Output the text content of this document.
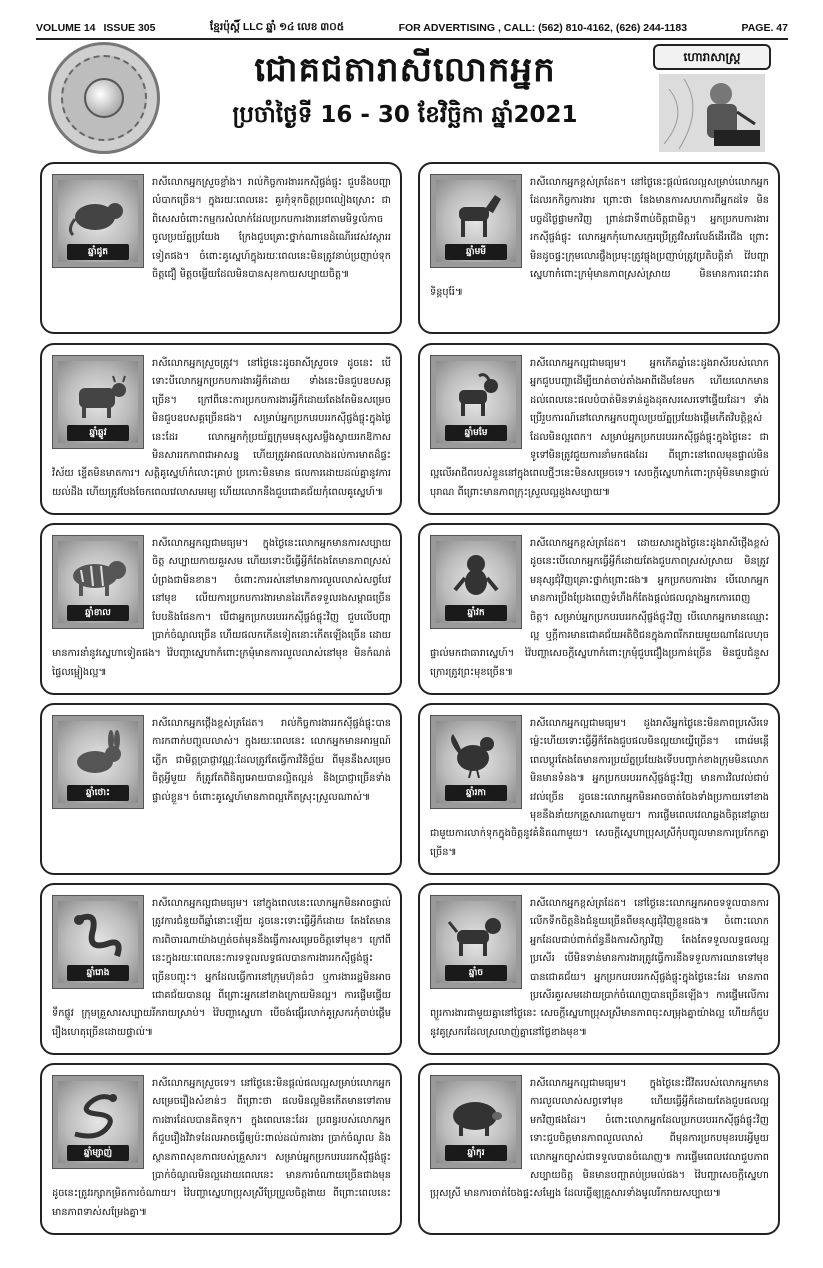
VOLUME 14 ISSUE 305	ខ្មែរប៉ុស្ដិ៍ LLC ឆ្នាំ ១៤ លេខ ៣០៥	FOR ADVERTISING , CALL: (562) 810-4162, (626) 244-1183	PAGE. 47
ជោគជតារាសីលោកអ្នក
ប្រចាំថ្ងៃទី 16 - 30 ខែវិច្ឆិកា ឆ្នាំ2021
ហោរាសាស្ត្រ
ឆ្នាំជូត
រាសីលោកអ្នកស្រួចខ្លាំង។ រាល់កិច្ចការងាររកស៊ីផ្ចង់ផ្ចុះ ជួបនឹងបញ្ហាលំបាកច្រើន។ ក្នុងរយៈពេលនេះ គួរកុំទុកចិត្តប្រពលៀងស្រោះ ជាពិសេសចំពោះកម្មករសំលាក់ដែលប្រកបការងារនៅតាមមិទ្ធលំកាចចូលប្រយ័ត្នប្រយែង ក្រែងជួបគ្រោះថ្នាក់ណានេដំណើរវេស់វស្ដាររទៀតផង។ ចំពោះគូស្នេហ៍ក្នុងរយៈពេលនេះមិនត្រូវនាប់ប្រញាប់ទុកចិត្តជឿ មិត្តចម្លើយដែលមិនបានសុខកាយសប្បាយចិត្ត៕
ឆ្នាំឆ្លូវ
រាសីលោកអ្នកស្រួចត្រូវ។ នៅថ្ងៃនេះដូចរាសីស្រួចទេ ដូចនេះ បើទោះបីលោកអ្នកប្រកបការងារអ្វីក៏ដោយ ទាំងនេះមិនជួបឧបសគ្គច្រើន។ ក្រៅពីនេះការប្រកបការងារអ្វីក៏ដោយតែងតែមិនសម្រេច មិនជួបឧបសគ្គច្រើនផង។ សម្រាប់អ្នកប្រកបរបររកស៊ីផ្ចង់ផ្ចុះក្នុងថ្ងៃនេះដែរ លោកអ្នកកុំប្រយ័ត្នក្រុមមនុស្សសម្លឹងស្វាយរកឱកាសមិនសាររកភាពជាអាសន្ន ហើយត្រូវអាផលលាងដល់ការមាតដ៏ផ្ទះវិស័យ ខ្ទើតមិនមាតការ។ សត្តិគូស្នេហ៍កំលោះគ្រាប់ ប្រកោះមិនមាន ផលការដោយដល់គ្នានូវការយល់ដឹង ហើយត្រូវបែងចែកពេលវេលាសមរម្យ ហើយលោកនឹងជួបជោគជ័យកុំពេលគូស្នេហ៍៕
ឆ្នាំខាល
រាសីលោកអ្នកល្អជាមធ្យម។ ក្នុងថ្ងៃនេះលោកអ្នកមានការសប្បាយចិត្ត សប្បាយកាយគួរសម ហើយទោះបីធ្វើអ្វីក៏តែងតែមានភាពស្រស់បំព្រងជាមិនខាន។ ចំពោះការរស់នៅមានការលួលលាស់សព្វបែវនៅមុខ លើយការប្រកបការងារមានដៃកើតទទួលរងសម្ពាធច្រើនបែបនិងផែនកា។ បើជាអ្នកប្រកបរបររកស៊ីផ្ចង់ផ្ចុះវិញ ជួបលើបញ្ហាប្រាក់ចំណូលច្រើន ហើយផលកកើនទៀតនោះកើតឡើងច្រើន ដោយមានការនាំនូវស្នេហាទៀតផង។ វ៉ៃបញ្ហាស្នេហាកំពោះក្រមុំមានការលួលលាស់នៅមុខ មិនកំណត់ផ្ទៃលម្អៀងល្អ៕
ឆ្នាំថោះ
រាសីលោកអ្នកថ្កើងខ្ពស់ត្រដែត។ រាល់កិច្ចការងាររកស៊ីផ្ចង់ផ្ចុះបានការកពាក់បញ្ចុលលាស់។ ក្នុងរយៈពេលនេះ លោកអ្នកមានអារម្មណ៍ភ្លើក ជាមិត្តប្រាជ្ញាវណ្ណៈដែលត្រូវតែធ្វើការវិនិច្ឆ័យ ពីមុននឹងសម្រេចចិត្តអ្វីមួយ ក៏ត្រូវតែពិនិត្យអោយបានល្អិតល្អន់ និងប្រាជ្ញាច្រើនទាំងផ្ទាល់ខ្លួន។ ចំពោះគូស្នេហ៍មានភាពល្អកើតស្រុះស្រួលណាស់៕
ឆ្នាំរោង
រាសីលោកអ្នកល្អជាមធ្យម។ នៅក្នុងពេលនេះលោកអ្នកមិនអាចផ្ទាល់ត្រូវការជំនួយពីឆ្នាំនោះឡើយ ដូចនេះទោះធ្វើអ្វីក៏ដោយ តែងតែមានការពិចារណាយ៉ាងហ្មត់ចត់មុននឹងធ្វើការសម្រេចចិត្តទៅមុខ។ ក្រៅពីនេះក្នុងរយៈពេលនេះការទទួលលទ្ធផលបានការងាររកស៊ីផ្ចង់ផ្ចុះច្រើនបញ្ចុះ។ អ្នកដែលធ្វើការនៅក្រុមហ៊ុនធំៗ ឬការងាររដ្ឋមិនអាចជោគជ័យបានល្អ ពីព្រោះអ្នកនៅខាងក្រោយមិនល្អ។ ការផ្ទើមផ្ទើយទឹកផ្លូវ ក្រុមគ្រួសារសប្បាយរីករាយស្រាប់។ វ៉ៃបញ្ហាស្នេហា បើចង់ផ្សើរលាក់គូស្រករកុំចាប់ផ្តើមរឿងហេតុច្រើនដោយផ្ទាល់៕
ឆ្នាំម្សាញ់
រាសីលោកអ្នកស្រួចទេ។ នៅថ្ងៃនេះមិនផ្តល់ផលល្អសម្រាប់លោកអ្នកសម្រេចរឿងសំខាន់ៗ ពីព្រោះថា ផលមិនល្អមិនកើតមានទៅតាមការងារដែលបានគិតទុក។ ក្នុងពេលនេះដែរ ប្រពន្ធរបស់លោកអ្នកក៏ជួបរឿងវិវាទដែលអាចធ្វើឲ្យប៉ះពាល់ដល់ការងារ ប្រាក់ចំណូល និងស្ថានភាពសុខភាពរបស់គ្រួសារ។ សម្រាប់អ្នកប្រកបរបររកស៊ីផ្ចង់ផ្ចុះប្រាក់ចំណូលមិនល្អដោយពេលនេះ មានការចំណាយច្រើនជាងមុន ដូចនេះត្រូវរក្សាកម្រិតការចំណាយ។ វ៉ៃបញ្ហាស្នេហាប្រុសស្រីប្រែប្រួលចិត្តងាយ ពីព្រោះពេលនេះមានភាពទាស់សម្រែងគ្នា៕
ឆ្នាំមមី
រាសីលោកអ្នកខ្ពស់ត្រដែត។ នៅថ្ងៃនេះផ្ដល់ផលល្អសម្រាប់លោកអ្នកដែលរកកិច្ចការងារ ព្រោះថា នែងមានការសហការពីអ្នកដទៃ មិនបច្ចដ័ថ្ងៃផ្ទាមកវិញ ព្រាន់ជាទីពាប់ចិត្តជាមិត្ត។ អ្នកប្រកបការងារ រកស៊ីផ្ចង់ផ្ចុះ លោកអ្នកកុំហោសក្មេរប្រើត្រូវវិសរលែង៍ដើរជើង ព្រោះមិនដូចផ្ទះក្រុមលោរផ្ចឹងប្រមុះត្រូវផ្ចុងប្រញាប់ត្រូវប្រតិបត្តិនាំ វ៉ៃបញ្ហាស្នេហាកំពោះក្រមុំមានភាពស្រស់ស្រាយ មិនមានការពេះរវាតទិន្ដបុរ៉ែ៕
ឆ្នាំមមែ
រាសីលោកអ្នកល្អជាមធ្យម។ អ្នកកើតឆ្នាំនេះដូងរាសីរបស់លោកអ្នកជួបបញ្ហាដើម្បីយាត់ចាប់តាំងអាពីដើមខែមក ហើយលោកមានដល់ពេលនេះផលបំបាត់មិនទាន់ដួងដុតសរសេរទៅផ្ទើយដែរ។ ទាំងប្រើរួបការណ៍នៅលោកអ្នកបញ្ចូលប្រយ័ត្នប្រយែងផ្តើមកើតវិបត្តិខ្ពស់ដែលមិនល្អពេក។ សម្រាប់អ្នកប្រកបរបររកស៊ីផ្ចង់ផ្ចុះក្នុងថ្ងៃនេះ ជាទូទៅមិនត្រូវជួយការនាំមកផងដែរ ពីព្រោះនៅពេលមុនផ្ទាល់មិនល្អលើអាជីពរបស់ខ្លួននៅក្នុងពេលថ្មីៗនេះមិនសម្រេចទេ។ សេចក្តីស្នេហាកំពោះក្រមុំមិនមានផ្ទាល់បុរាណ ពីព្រោះមានភាពក្រុះស្រួលល្អដួងសប្បាយ៕
ឆ្នាំវក
រាសីលោកអ្នកខ្ពស់ត្រដែត។ ដោយសារក្នុងថ្ងៃនេះដូងរាសីថ្កើងខ្ពស់ ដូចនេះបើលោកអ្នកធ្វើអ្វីក៏ដោយតែងជួបភាពស្រស់ស្រាយ មិនត្រូវមនុស្សជុំវិញគ្រោះថ្នាក់ព្រោះផង៕ អ្នកប្រកបការងារ បើលោកអ្នកមានការប្រឹងប្រែងពេញទំហឹងក៏តែងផ្តល់ផលល្អាងអ្នកកោរពេញចិត្ត។ សម្រាប់អ្នកប្រកបរបររកស៊ីផ្ចង់ផ្ចុះវិញ បើលោកអ្នកមានឈ្មោះល្អ ឬក្តីការមានជោគជ័យអតិថិជនក្នុងភាពរីករាយមួយណាដែលហុចផ្ទាល់មកជាធារាស្នេហ៍។ វ៉ៃបញ្ហាសេចក្តីស្នេហាកំពោះក្រមុំជួបជឿងប្រកាន់ច្រើន មិនជួបជំនួសក្រោរត្រូវព្រះមុខច្រើន៕
ឆ្នាំរកា
រាសីលោកអ្នកល្អជាមធ្យម។ ដួងរាសីអ្នកថ្ងៃនេះមិនភាពប្រសើរទេ ម៉្លេះហើយទោះធ្វើអ្វីក៏តែងជួបផលមិនល្អយាយ្ទើច្រើន។ ពោរ៉េមន្ដើពេលប្ដូរតែងតែមានការប្រយ័ត្នប្រយែងទើបបញ្ចាក់ខាងក្រុមមិនលោកមិនមានទំនង៕ អ្នកប្រកបរបររកស៊ីផ្ចង់ផ្ចុះវិញ មានការវិលវល់ជាប់រវល់ច្រើន ដូចនេះលោកអ្នកមិនអាចចាត់ចែងទាំងប្រកាយទៅខាងមុខនឹងនាំយកគ្រួសារណាមួយ។ ការផ្ចើមពេលវេលាឆ្លងចិត្តនៅឆ្ងាយជាមួយការលាក់ទុកក្នុងចិត្តនូវគំនិតណាមួយ។ សេចក្តីស្នេហាប្រុសស្រីកុំបញ្ចូលមានការប្រកែកគ្នាច្រើន៕
ឆ្នាំច
រាសីលោកអ្នកខ្ពស់ត្រដែត។ នៅថ្ងៃនេះលោកអ្នកអាចទទួលបានការលើកទឹកចិត្តនិងជំនួយច្រើនពីមនុស្សជុំវិញខ្លួនផង៕ ចំពោះលោកអ្នកដែលជាប់ពាក់ព័ន្ធនឹងការសិក្សាវិញ តែងតែទទួលលទ្ធផលល្អប្រសើរ បើមិនទាន់មានការងារត្រូវធ្វើការនឹងទទួលការឈានទៅមុខបានជោគជ័យ។ អ្នកប្រកបរបររកស៊ីផ្ចង់ផ្ចុះក្នុងថ្ងៃនេះដែរ មានភាពប្រសើរគួរសមដោយប្រាក់ចំណេញបានច្រើនឡើង។ ការផ្ទើមលើការព្យួរការងារជាមួយគ្នានៅថ្ងៃនេះ សេចក្តីស្នេហាប្រុសស្រីមានភាពចុះសម្រុងគ្នាយ៉ាងល្អ ហើយក៏ជួបនូវគូស្រករដែលស្រលាញ់គ្នានៅថ្ងៃខាងមុខ៕
ឆ្នាំកុរ
រាសីលោកអ្នកល្អជាមធ្យម។ ក្នុងថ្ងៃនេះជីវិតរបស់លោកអ្នកមានការលួលលាស់សព្វទៅមុខ ហើយធ្វើអ្វីក៏ដោយតែងជួបផលល្អមកវិញផងដែរ។ ចំពោះលោកអ្នកដែលប្រកបរបររកស៊ីផ្ចង់ផ្ចុះវិញ ទោះជួបចិត្តមានភាពលួលលាស់ ពីមុនការប្រកបមុខរបរអ្វីមួយ លោកអ្នកច្បាស់ជាទទួលបានចំណេញ៕ ការផ្ទើមពេលវេលាជួបភាពសប្បាយចិត្ត មិនមានបញ្ហាតប់ប្រមល់ផង។ វ៉ៃបញ្ហាសេចក្តីស្នេហាប្រុសស្រី មានការចាត់ចែងផ្ទះសម្បែង ដែលធ្វើឲ្យគ្រួសារទាំងមូលរីករាយសប្បាយ៕
